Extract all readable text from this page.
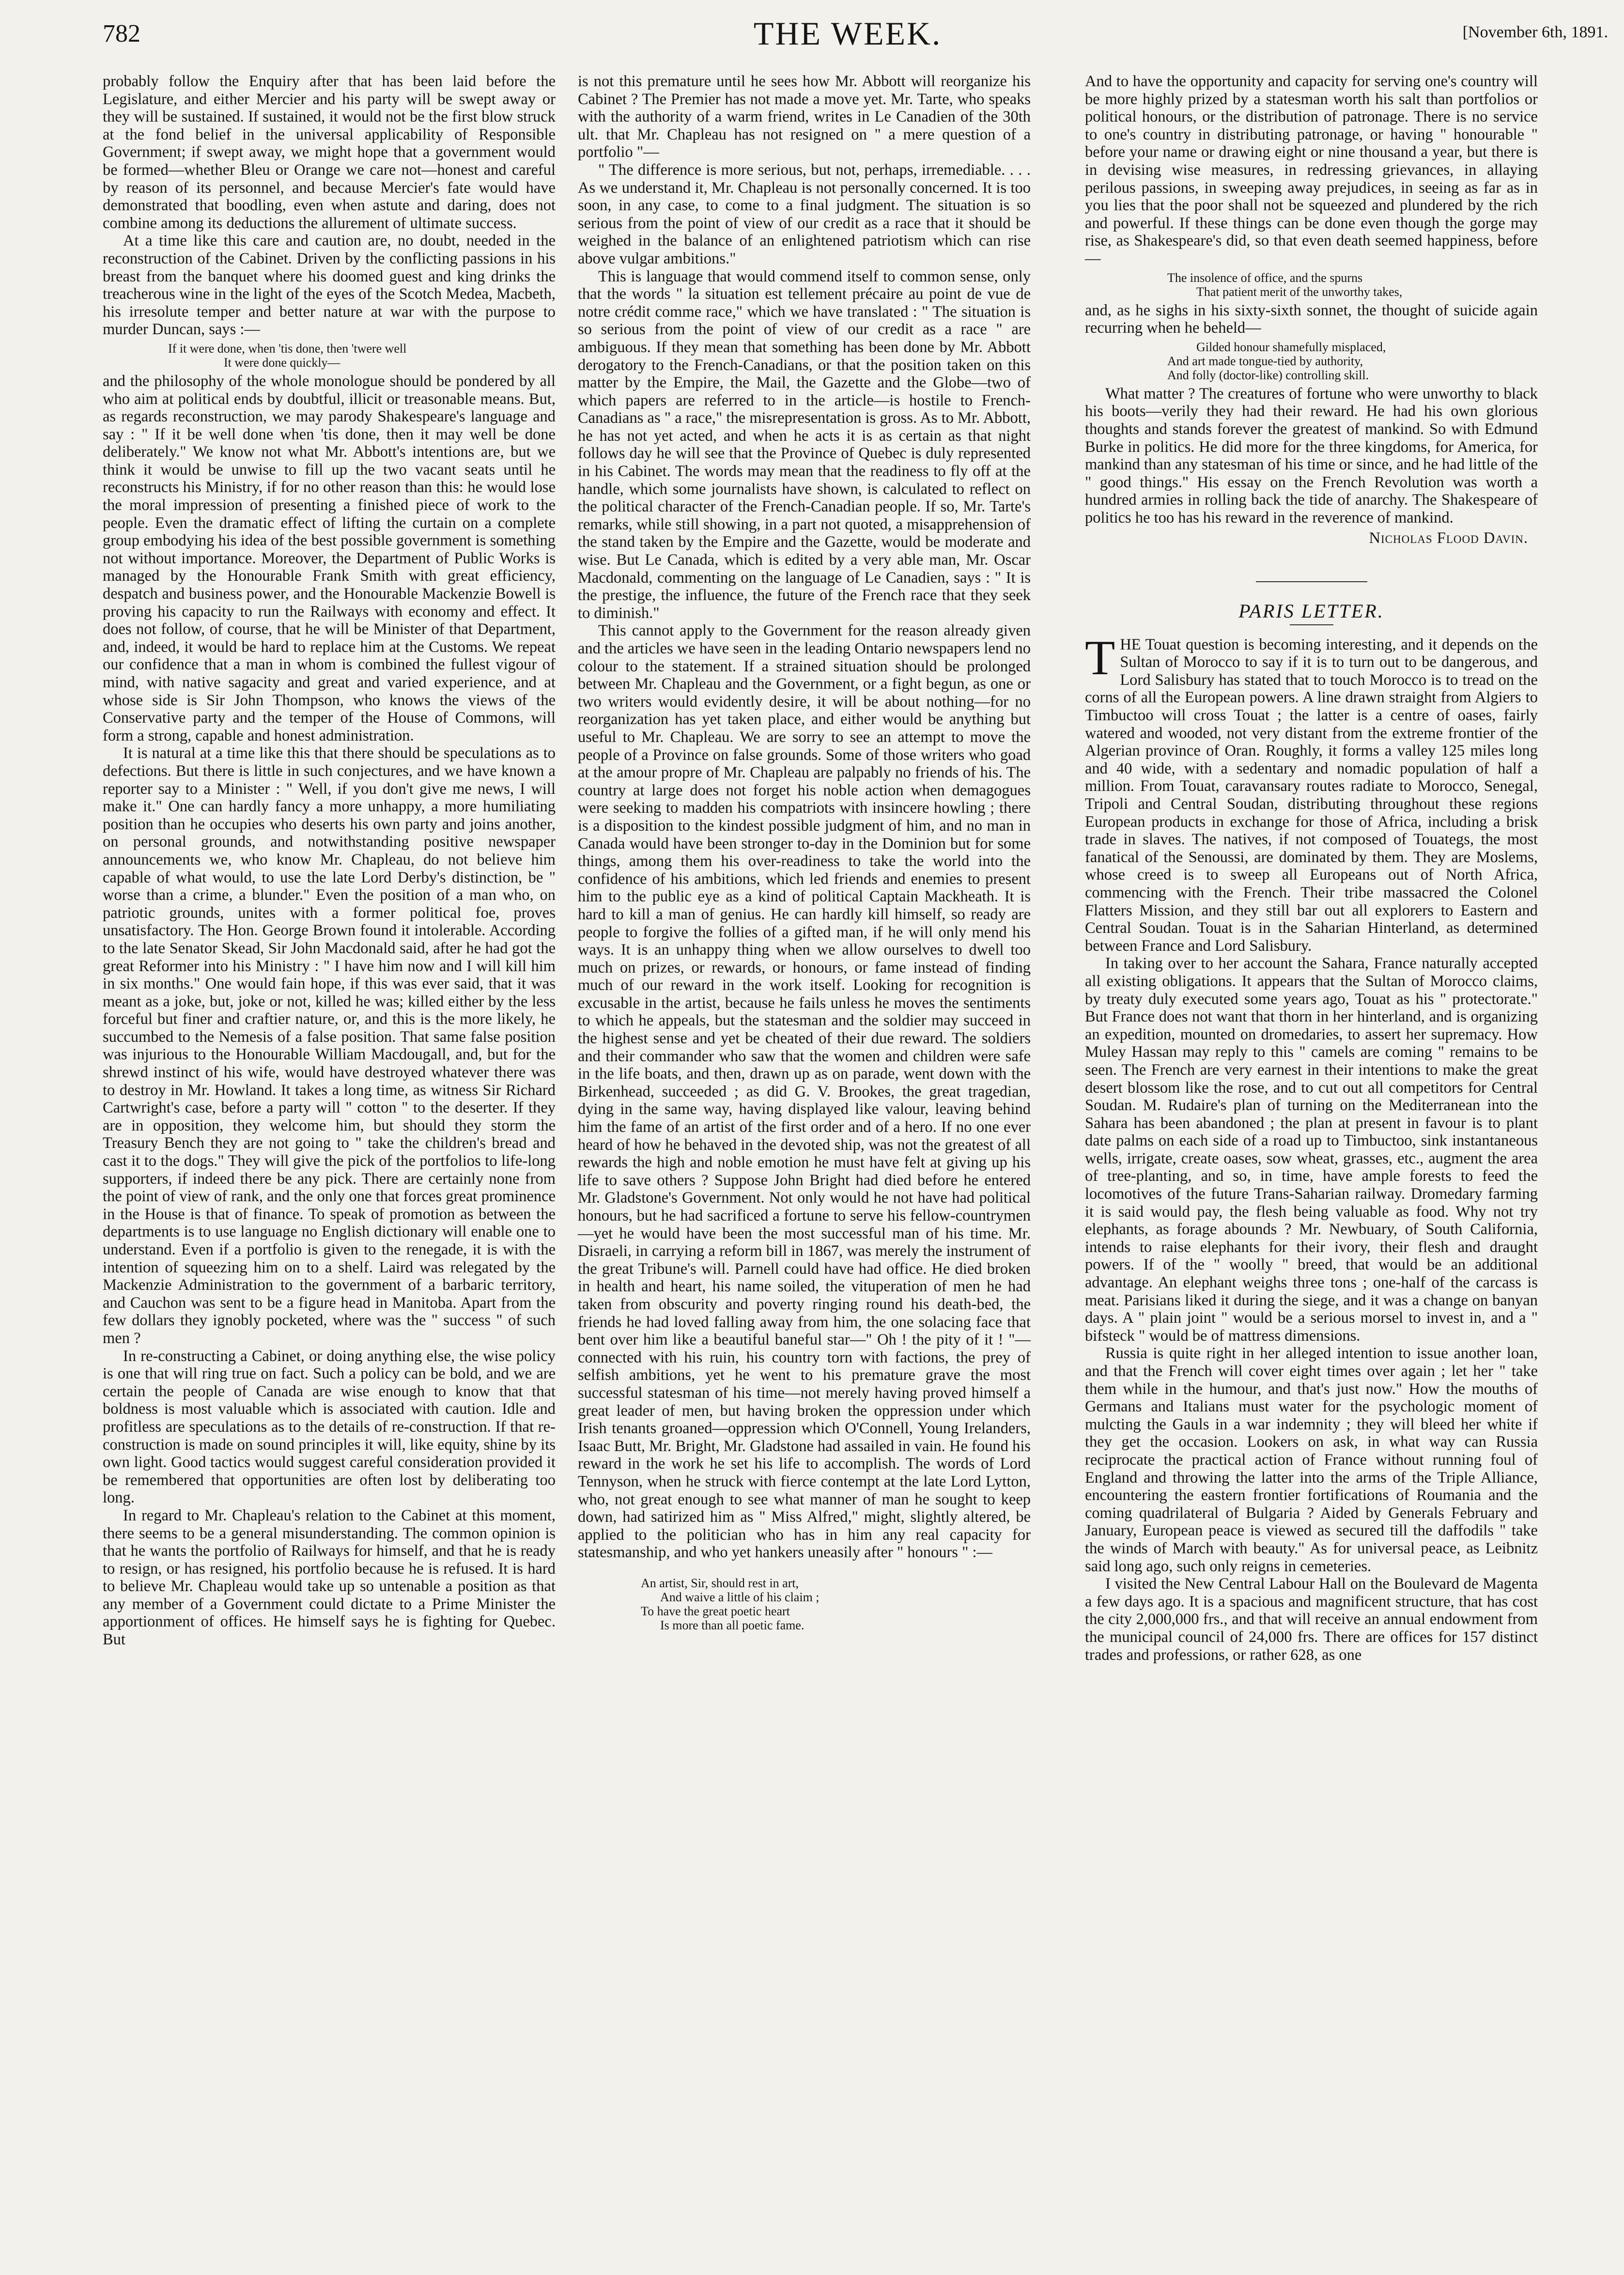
782	THE WEEK.	[November 6th, 1891.

probably follow the Enquiry after that has been laid before the Legislature, and either Mercier and his party will be swept away or they will be sustained. If sustained, it would not be the first blow struck at the fond belief in the universal applicability of Responsible Government; if swept away, we might hope that a government would be formed—whether Bleu or Orange we care not—honest and careful by reason of its personnel, and because Mercier's fate would have demonstrated that boodling, even when astute and daring, does not combine among its deductions the allurement of ultimate success.

At a time like this care and caution are, no doubt, needed in the reconstruction of the Cabinet. Driven by the conflicting passions in his breast from the banquet where his doomed guest and king drinks the treacherous wine in the light of the eyes of the Scotch Medea, Macbeth, his irresolute temper and better nature at war with the purpose to murder Duncan, says :—

If it were done, when 'tis done, then 'twere well
It were done quickly—

and the philosophy of the whole monologue should be pondered by all who aim at political ends by doubtful, illicit or treasonable means. But, as regards reconstruction, we may parody Shakespeare's language and say : " If it be well done when 'tis done, then it may well be done deliberately." We know not what Mr. Abbott's intentions are, but we think it would be unwise to fill up the two vacant seats until he reconstructs his Ministry, if for no other reason than this: he would lose the moral impression of presenting a finished piece of work to the people. Even the dramatic effect of lifting the curtain on a complete group embodying his idea of the best possible government is something not without importance. Moreover, the Department of Public Works is managed by the Honourable Frank Smith with great efficiency, despatch and business power, and the Honourable Mackenzie Bowell is proving his capacity to run the Railways with economy and effect. It does not follow, of course, that he will be Minister of that Department, and, indeed, it would be hard to replace him at the Customs. We repeat our confidence that a man in whom is combined the fullest vigour of mind, with native sagacity and great and varied experience, and at whose side is Sir John Thompson, who knows the views of the Conservative party and the temper of the House of Commons, will form a strong, capable and honest administration.

It is natural at a time like this that there should be speculations as to defections. But there is little in such conjectures, and we have known a reporter say to a Minister : " Well, if you don't give me news, I will make it." One can hardly fancy a more unhappy, a more humiliating position than he occupies who deserts his own party and joins another, on personal grounds, and notwithstanding positive newspaper announcements we, who know Mr. Chapleau, do not believe him capable of what would, to use the late Lord Derby's distinction, be " worse than a crime, a blunder." Even the position of a man who, on patriotic grounds, unites with a former political foe, proves unsatisfactory. The Hon. George Brown found it intolerable. According to the late Senator Skead, Sir John Macdonald said, after he had got the great Reformer into his Ministry : " I have him now and I will kill him in six months." One would fain hope, if this was ever said, that it was meant as a joke, but, joke or not, killed he was; killed either by the less forceful but finer and craftier nature, or, and this is the more likely, he succumbed to the Nemesis of a false position. That same false position was injurious to the Honourable William Macdougall, and, but for the shrewd instinct of his wife, would have destroyed whatever there was to destroy in Mr. Howland. It takes a long time, as witness Sir Richard Cartwright's case, before a party will " cotton " to the deserter. If they are in opposition, they welcome him, but should they storm the Treasury Bench they are not going to " take the children's bread and cast it to the dogs." They will give the pick of the portfolios to life-long supporters, if indeed there be any pick. There are certainly none from the point of view of rank, and the only one that forces great prominence in the House is that of finance. To speak of promotion as between the departments is to use language no English dictionary will enable one to understand. Even if a portfolio is given to the renegade, it is with the intention of squeezing him on to a shelf. Laird was relegated by the Mackenzie Administration to the government of a barbaric territory, and Cauchon was sent to be a figure head in Manitoba. Apart from the few dollars they ignobly pocketed, where was the " success " of such men ?

In re-constructing a Cabinet, or doing anything else, the wise policy is one that will ring true on fact. Such a policy can be bold, and we are certain the people of Canada are wise enough to know that that boldness is most valuable which is associated with caution. Idle and profitless are speculations as to the details of re-construction. If that re-construction is made on sound principles it will, like equity, shine by its own light. Good tactics would suggest careful consideration provided it be remembered that opportunities are often lost by deliberating too long.

In regard to Mr. Chapleau's relation to the Cabinet at this moment, there seems to be a general misunderstanding. The common opinion is that he wants the portfolio of Railways for himself, and that he is ready to resign, or has resigned, his portfolio because he is refused. It is hard to believe Mr. Chapleau would take up so untenable a position as that any member of a Government could dictate to a Prime Minister the apportionment of offices. He himself says he is fighting for Quebec. But

is not this premature until he sees how Mr. Abbott will reorganize his Cabinet ? The Premier has not made a move yet. Mr. Tarte, who speaks with the authority of a warm friend, writes in Le Canadien of the 30th ult. that Mr. Chapleau has not resigned on " a mere question of a portfolio "—

" The difference is more serious, but not, perhaps, irremediable. . . . As we understand it, Mr. Chapleau is not personally concerned. It is too soon, in any case, to come to a final judgment. The situation is so serious from the point of view of our credit as a race that it should be weighed in the balance of an enlightened patriotism which can rise above vulgar ambitions."

This is language that would commend itself to common sense, only that the words " la situation est tellement précaire au point de vue de notre crédit comme race," which we have translated : " The situation is so serious from the point of view of our credit as a race " are ambiguous. If they mean that something has been done by Mr. Abbott derogatory to the French-Canadians, or that the position taken on this matter by the Empire, the Mail, the Gazette and the Globe—two of which papers are referred to in the article—is hostile to French-Canadians as " a race," the misrepresentation is gross. As to Mr. Abbott, he has not yet acted, and when he acts it is as certain as that night follows day he will see that the Province of Quebec is duly represented in his Cabinet. The words may mean that the readiness to fly off at the handle, which some journalists have shown, is calculated to reflect on the political character of the French-Canadian people. If so, Mr. Tarte's remarks, while still showing, in a part not quoted, a misapprehension of the stand taken by the Empire and the Gazette, would be moderate and wise. But Le Canada, which is edited by a very able man, Mr. Oscar Macdonald, commenting on the language of Le Canadien, says : " It is the prestige, the influence, the future of the French race that they seek to diminish."

This cannot apply to the Government for the reason already given and the articles we have seen in the leading Ontario newspapers lend no colour to the statement. If a strained situation should be prolonged between Mr. Chapleau and the Government, or a fight begun, as one or two writers would evidently desire, it will be about nothing—for no reorganization has yet taken place, and either would be anything but useful to Mr. Chapleau. We are sorry to see an attempt to move the people of a Province on false grounds. Some of those writers who goad at the amour propre of Mr. Chapleau are palpably no friends of his. The country at large does not forget his noble action when demagogues were seeking to madden his compatriots with insincere howling ; there is a disposition to the kindest possible judgment of him, and no man in Canada would have been stronger to-day in the Dominion but for some things, among them his over-readiness to take the world into the confidence of his ambitions, which led friends and enemies to present him to the public eye as a kind of political Captain Mackheath. It is hard to kill a man of genius. He can hardly kill himself, so ready are people to forgive the follies of a gifted man, if he will only mend his ways. It is an unhappy thing when we allow ourselves to dwell too much on prizes, or rewards, or honours, or fame instead of finding much of our reward in the work itself. Looking for recognition is excusable in the artist, because he fails unless he moves the sentiments to which he appeals, but the statesman and the soldier may succeed in the highest sense and yet be cheated of their due reward. The soldiers and their commander who saw that the women and children were safe in the life boats, and then, drawn up as on parade, went down with the Birkenhead, succeeded ; as did G. V. Brookes, the great tragedian, dying in the same way, having displayed like valour, leaving behind him the fame of an artist of the first order and of a hero. If no one ever heard of how he behaved in the devoted ship, was not the greatest of all rewards the high and noble emotion he must have felt at giving up his life to save others ? Suppose John Bright had died before he entered Mr. Gladstone's Government. Not only would he not have had political honours, but he had sacrificed a fortune to serve his fellow-countrymen —yet he would have been the most successful man of his time. Mr. Disraeli, in carrying a reform bill in 1867, was merely the instrument of the great Tribune's will. Parnell could have had office. He died broken in health and heart, his name soiled, the vituperation of men he had taken from obscurity and poverty ringing round his death-bed, the friends he had loved falling away from him, the one solacing face that bent over him like a beautiful baneful star—" Oh ! the pity of it ! "—connected with his ruin, his country torn with factions, the prey of selfish ambitions, yet he went to his premature grave the most successful statesman of his time—not merely having proved himself a great leader of men, but having broken the oppression under which Irish tenants groaned—oppression which O'Connell, Young Irelanders, Isaac Butt, Mr. Bright, Mr. Gladstone had assailed in vain. He found his reward in the work he set his life to accomplish. The words of Lord Tennyson, when he struck with fierce contempt at the late Lord Lytton, who, not great enough to see what manner of man he sought to keep down, had satirized him as " Miss Alfred," might, slightly altered, be applied to the politician who has in him any real capacity for statesmanship, and who yet hankers uneasily after " honours " :—

An artist, Sir, should rest in art,
And waive a little of his claim ;
To have the great poetic heart
Is more than all poetic fame.

And to have the opportunity and capacity for serving one's country will be more highly prized by a statesman worth his salt than portfolios or political honours, or the distribution of patronage. There is no service to one's country in distributing patronage, or having " honourable " before your name or drawing eight or nine thousand a year, but there is in devising wise measures, in redressing grievances, in allaying perilous passions, in sweeping away prejudices, in seeing as far as in you lies that the poor shall not be squeezed and plundered by the rich and powerful. If these things can be done even though the gorge may rise, as Shakespeare's did, so that even death seemed happiness, before—

The insolence of office, and the spurns
That patient merit of the unworthy takes,

and, as he sighs in his sixty-sixth sonnet, the thought of suicide again recurring when he beheld—

Gilded honour shamefully misplaced,
And art made tongue-tied by authority,
And folly (doctor-like) controlling skill.

What matter ? The creatures of fortune who were unworthy to black his boots—verily they had their reward. He had his own glorious thoughts and stands forever the greatest of mankind. So with Edmund Burke in politics. He did more for the three kingdoms, for America, for mankind than any statesman of his time or since, and he had little of the " good things." His essay on the French Revolution was worth a hundred armies in rolling back the tide of anarchy. The Shakespeare of politics he too has his reward in the reverence of mankind.

Nicholas Flood Davin.
PARIS LETTER.

THE Touat question is becoming interesting, and it depends on the Sultan of Morocco to say if it is to turn out to be dangerous, and Lord Salisbury has stated that to touch Morocco is to tread on the corns of all the European powers. A line drawn straight from Algiers to Timbuctoo will cross Touat ; the latter is a centre of oases, fairly watered and wooded, not very distant from the extreme frontier of the Algerian province of Oran. Roughly, it forms a valley 125 miles long and 40 wide, with a sedentary and nomadic population of half a million. From Touat, caravansary routes radiate to Morocco, Senegal, Tripoli and Central Soudan, distributing throughout these regions European products in exchange for those of Africa, including a brisk trade in slaves. The natives, if not composed of Touategs, the most fanatical of the Senoussi, are dominated by them. They are Moslems, whose creed is to sweep all Europeans out of North Africa, commencing with the French. Their tribe massacred the Colonel Flatters Mission, and they still bar out all explorers to Eastern and Central Soudan. Touat is in the Saharian Hinterland, as determined between France and Lord Salisbury.

In taking over to her account the Sahara, France naturally accepted all existing obligations. It appears that the Sultan of Morocco claims, by treaty duly executed some years ago, Touat as his " protectorate." But France does not want that thorn in her hinterland, and is organizing an expedition, mounted on dromedaries, to assert her supremacy. How Muley Hassan may reply to this " camels are coming " remains to be seen. The French are very earnest in their intentions to make the great desert blossom like the rose, and to cut out all competitors for Central Soudan. M. Rudaire's plan of turning on the Mediterranean into the Sahara has been abandoned ; the plan at present in favour is to plant date palms on each side of a road up to Timbuctoo, sink instantaneous wells, irrigate, create oases, sow wheat, grasses, etc., augment the area of tree-planting, and so, in time, have ample forests to feed the locomotives of the future Trans-Saharian railway. Dromedary farming it is said would pay, the flesh being valuable as food. Why not try elephants, as forage abounds ? Mr. Newbuary, of South California, intends to raise elephants for their ivory, their flesh and draught powers. If of the " woolly " breed, that would be an additional advantage. An elephant weighs three tons ; one-half of the carcass is meat. Parisians liked it during the siege, and it was a change on banyan days. A " plain joint " would be a serious morsel to invest in, and a " bifsteck " would be of mattress dimensions.

Russia is quite right in her alleged intention to issue another loan, and that the French will cover eight times over again ; let her " take them while in the humour, and that's just now." How the mouths of Germans and Italians must water for the psychologic moment of mulcting the Gauls in a war indemnity ; they will bleed her white if they get the occasion. Lookers on ask, in what way can Russia reciprocate the practical action of France without running foul of England and throwing the latter into the arms of the Triple Alliance, encountering the eastern frontier fortifications of Roumania and the coming quadrilateral of Bulgaria ? Aided by Generals February and January, European peace is viewed as secured till the daffodils " take the winds of March with beauty." As for universal peace, as Leibnitz said long ago, such only reigns in cemeteries.

I visited the New Central Labour Hall on the Boulevard de Magenta a few days ago. It is a spacious and magnificent structure, that has cost the city 2,000,000 frs., and that will receive an annual endowment from the municipal council of 24,000 frs. There are offices for 157 distinct trades and professions, or rather 628, as one
